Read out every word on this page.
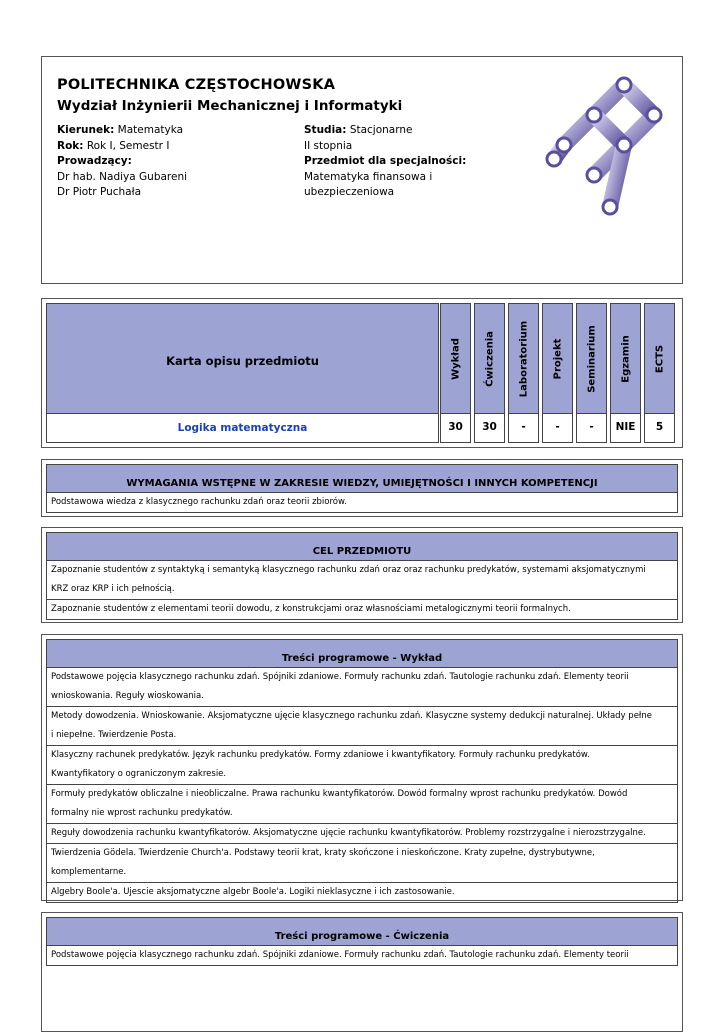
POLITECHNIKA CZĘSTOCHOWSKA
Wydział Inżynierii Mechanicznej i Informatyki
Kierunek: Matematyka
Rok: Rok I, Semestr I
Prowadzący:
Dr hab. Nadiya Gubareni
Dr Piotr Puchała
Studia: Stacjonarne
II stopnia
Przedmiot dla specjalności:
Matematyka finansowa i
ubezpieczeniowa
Karta opisu przedmiotu
Logika matematyczna
Wykład
30
Ćwiczenia
30
Laboratorium
-
Projekt
-
Seminarium
-
Egzamin
NIE
ECTS
5
WYMAGANIA WSTĘPNE W ZAKRESIE WIEDZY, UMIEJĘTNOŚCI I INNYCH KOMPETENCJI
Podstawowa wiedza z klasycznego rachunku zdań oraz teorii zbiorów.
CEL PRZEDMIOTU
Zapoznanie studentów z syntaktyką i semantyką klasycznego rachunku zdań oraz oraz rachunku predykatów, systemami aksjomatycznymi
KRZ oraz KRP i ich pełnością.
Zapoznanie studentów z elementami teorii dowodu, z konstrukcjami oraz własnościami metalogicznymi teorii formalnych.
Treści programowe - Wykład
Podstawowe pojęcia klasycznego rachunku zdań. Spójniki zdaniowe. Formuły rachunku zdań. Tautologie rachunku zdań. Elementy teorii
wnioskowania. Reguły wioskowania.
Metody dowodzenia. Wnioskowanie. Aksjomatyczne ujęcie klasycznego rachunku zdań. Klasyczne systemy dedukcji naturalnej. Układy pełne
i niepełne. Twierdzenie Posta.
Klasyczny rachunek predykatów. Język rachunku predykatów. Formy zdaniowe i kwantyfikatory. Formuły rachunku predykatów.
Kwantyfikatory o ograniczonym zakresie.
Formuły predykatów obliczalne i nieobliczalne. Prawa rachunku kwantyfikatorów. Dowód formalny wprost rachunku predykatów. Dowód
formalny nie wprost rachunku predykatów.
Reguły dowodzenia rachunku kwantyfikatorów. Aksjomatyczne ujęcie rachunku kwantyfikatorów. Problemy rozstrzygalne i nierozstrzygalne.
Twierdzenia Gödela. Twierdzenie Church'a. Podstawy teorii krat, kraty skończone i nieskończone. Kraty zupełne, dystrybutywne,
komplementarne.
Algebry Boole'a. Ujescie aksjomatyczne algebr Boole'a. Logiki nieklasyczne i ich zastosowanie.
Treści programowe - Ćwiczenia
Podstawowe pojęcia klasycznego rachunku zdań. Spójniki zdaniowe. Formuły rachunku zdań. Tautologie rachunku zdań. Elementy teorii
